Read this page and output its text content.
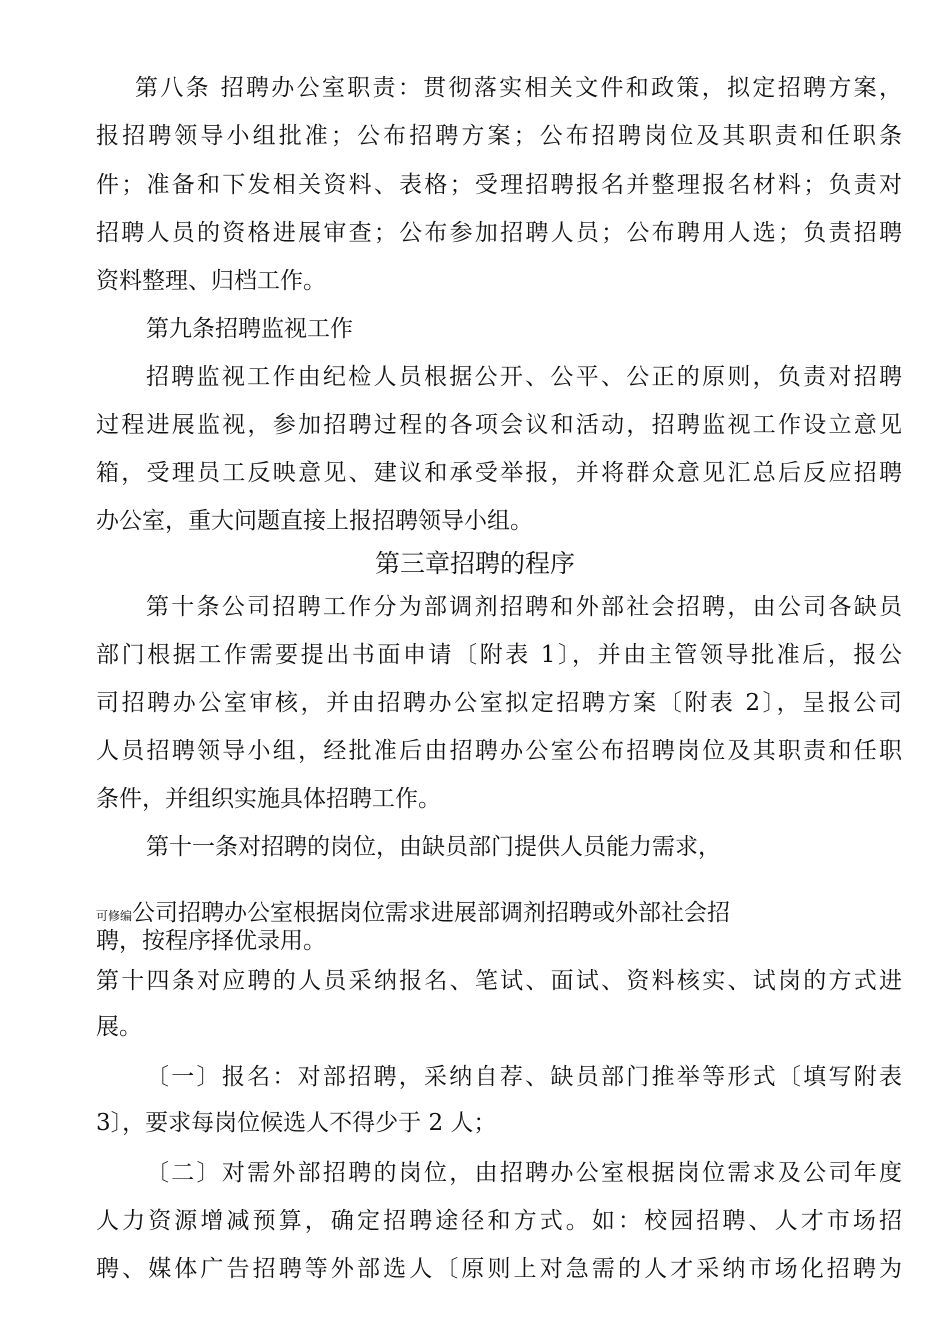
第八条 招聘办公室职责：贯彻落实相关文件和政策，拟定招聘方案，
报招聘领导小组批准；公布招聘方案；公布招聘岗位及其职责和任职条
件；准备和下发相关资料、表格；受理招聘报名并整理报名材料；负责对
招聘人员的资格进展审查；公布参加招聘人员；公布聘用人选；负责招聘
资料整理、归档工作。
第九条招聘监视工作
招聘监视工作由纪检人员根据公开、公平、公正的原则，负责对招聘
过程进展监视，参加招聘过程的各项会议和活动，招聘监视工作设立意见
箱，受理员工反映意见、建议和承受举报，并将群众意见汇总后反应招聘
办公室，重大问题直接上报招聘领导小组。
第三章招聘的程序
第十条公司招聘工作分为部调剂招聘和外部社会招聘，由公司各缺员
部门根据工作需要提出书面申请〔附表 1〕，并由主管领导批准后，报公
司招聘办公室审核，并由招聘办公室拟定招聘方案〔附表 2〕，呈报公司
人员招聘领导小组，经批准后由招聘办公室公布招聘岗位及其职责和任职
条件，并组织实施具体招聘工作。
第十一条对招聘的岗位，由缺员部门提供人员能力需求，
可修编公司招聘办公室根据岗位需求进展部调剂招聘或外部社会招
聘，按程序择优录用。
第十四条对应聘的人员采纳报名、笔试、面试、资料核实、试岗的方式进
展。
〔一〕报名：对部招聘，采纳自荐、缺员部门推举等形式〔填写附表
3〕，要求每岗位候选人不得少于 2 人；
〔二〕对需外部招聘的岗位，由招聘办公室根据岗位需求及公司年度
人力资源增减预算，确定招聘途径和方式。如：校园招聘、人才市场招
聘、媒体广告招聘等外部选人〔原则上对急需的人才采纳市场化招聘为
